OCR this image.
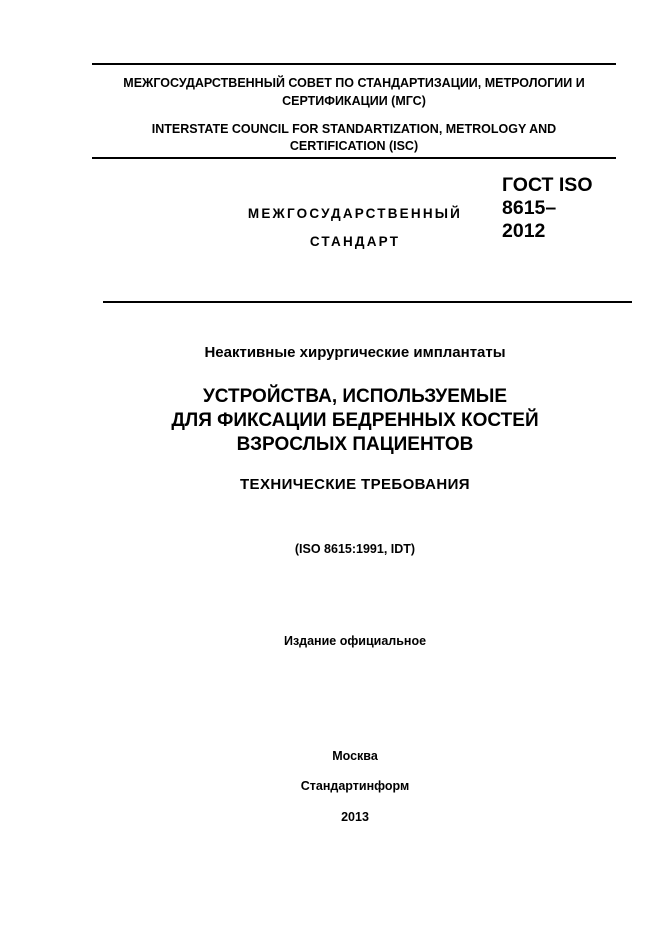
МЕЖГОСУДАРСТВЕННЫЙ СОВЕТ ПО СТАНДАРТИЗАЦИИ, МЕТРОЛОГИИ И
СЕРТИФИКАЦИИ (МГС)
INTERSTATE COUNCIL FOR STANDARTIZATION, METROLOGY AND
CERTIFICATION (ISC)
МЕЖГОСУДАРСТВЕННЫЙ
СТАНДАРТ
ГОСТ ISO
8615–
2012
Неактивные хирургические имплантаты
УСТРОЙСТВА, ИСПОЛЬЗУЕМЫЕ
ДЛЯ ФИКСАЦИИ БЕДРЕННЫХ КОСТЕЙ
ВЗРОСЛЫХ ПАЦИЕНТОВ
ТЕХНИЧЕСКИЕ ТРЕБОВАНИЯ
(ISO 8615:1991, IDT)
Издание официальное
Москва
Стандартинформ
2013
